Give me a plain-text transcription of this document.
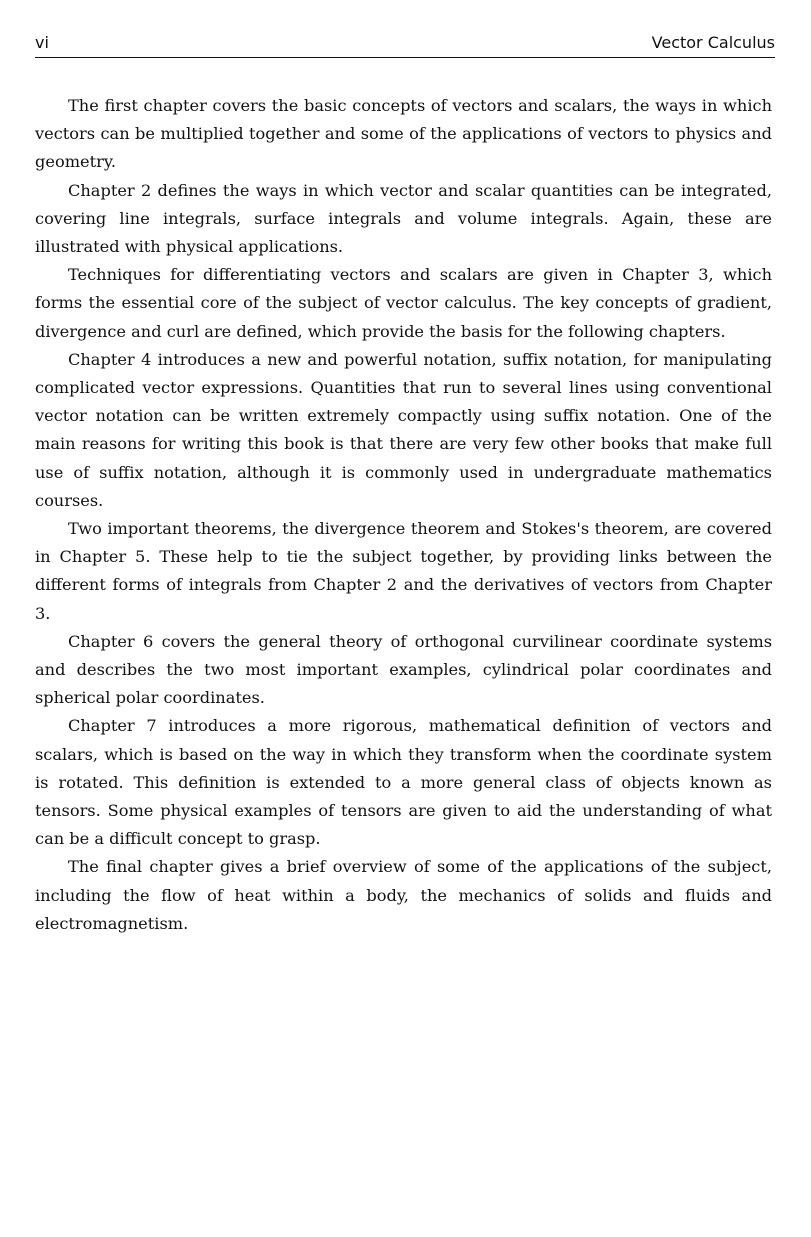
vi	Vector Calculus

The first chapter covers the basic concepts of vectors and scalars, the ways in which vectors can be multiplied together and some of the applications of vectors to physics and geometry.

Chapter 2 defines the ways in which vector and scalar quantities can be integrated, covering line integrals, surface integrals and volume integrals. Again, these are illustrated with physical applications.

Techniques for differentiating vectors and scalars are given in Chapter 3, which forms the essential core of the subject of vector calculus. The key concepts of gradient, divergence and curl are defined, which provide the basis for the following chapters.

Chapter 4 introduces a new and powerful notation, suffix notation, for manipulating complicated vector expressions. Quantities that run to several lines using conventional vector notation can be written extremely compactly using suffix notation. One of the main reasons for writing this book is that there are very few other books that make full use of suffix notation, although it is commonly used in undergraduate mathematics courses.

Two important theorems, the divergence theorem and Stokes's theorem, are covered in Chapter 5. These help to tie the subject together, by providing links between the different forms of integrals from Chapter 2 and the derivatives of vectors from Chapter 3.

Chapter 6 covers the general theory of orthogonal curvilinear coordinate systems and describes the two most important examples, cylindrical polar coordinates and spherical polar coordinates.

Chapter 7 introduces a more rigorous, mathematical definition of vectors and scalars, which is based on the way in which they transform when the coordinate system is rotated. This definition is extended to a more general class of objects known as tensors. Some physical examples of tensors are given to aid the understanding of what can be a difficult concept to grasp.

The final chapter gives a brief overview of some of the applications of the subject, including the flow of heat within a body, the mechanics of solids and fluids and electromagnetism.
